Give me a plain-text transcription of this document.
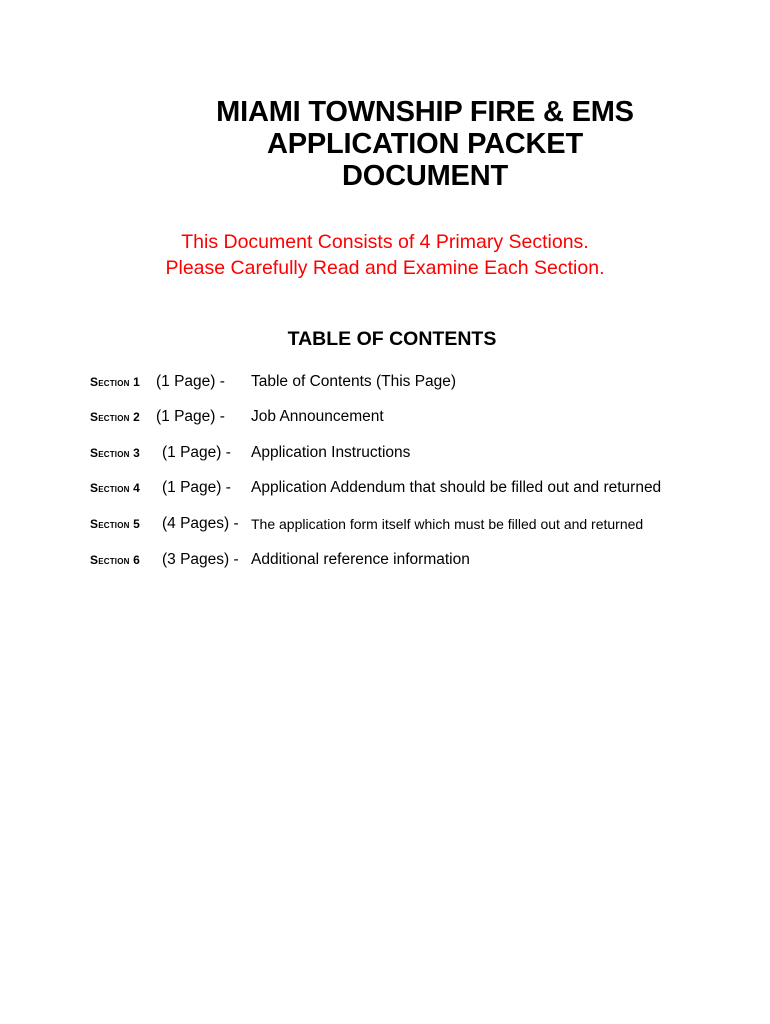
MIAMI TOWNSHIP FIRE & EMS
APPLICATION PACKET
DOCUMENT
This Document Consists of 4 Primary Sections.
Please Carefully Read and Examine Each Section.
TABLE OF CONTENTS
Section 1 (1 Page) - Table of Contents (This Page)
Section 2 (1 Page) - Job Announcement
Section 3 (1 Page) - Application Instructions
Section 4 (1 Page) - Application Addendum that should be filled out and returned
Section 5 (4 Pages) - The application form itself which must be filled out and returned
Section 6 (3 Pages) - Additional reference information
